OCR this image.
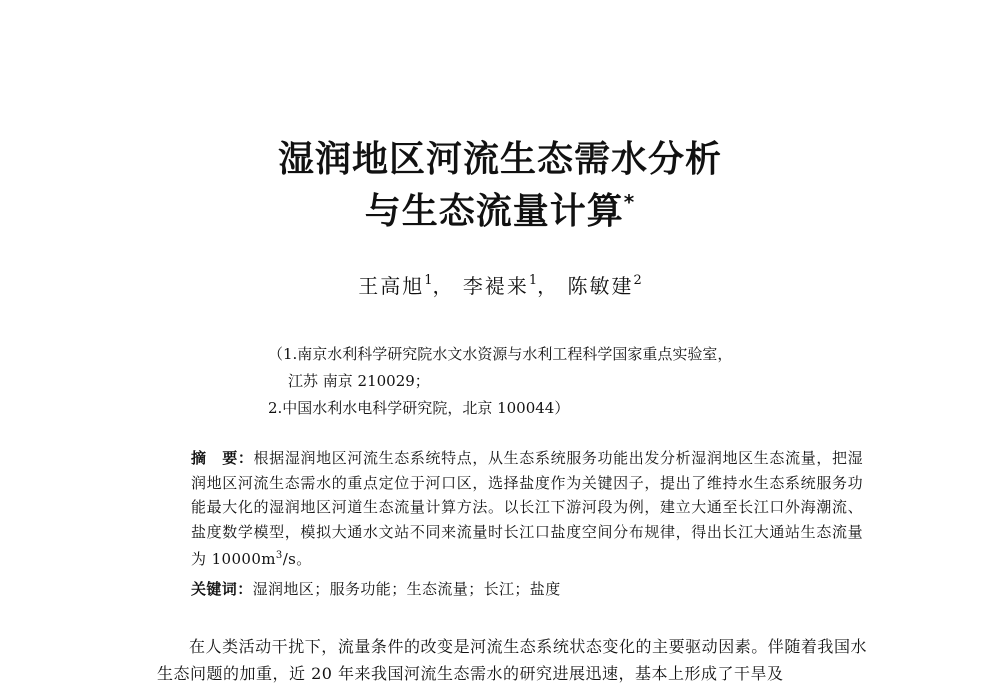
湿润地区河流生态需水分析
与生态流量计算*
王高旭$^1$， 李褆来$^1$， 陈敏建$^2$
（1.南京水利科学研究院水文水资源与水利工程科学国家重点实验室，
江苏 南京 210029；
2.中国水利水电科学研究院，北京 100044）
摘　要：根据湿润地区河流生态系统特点，从生态系统服务功能出发分析湿润地区生态流量，把湿润地区河流生态需水的重点定位于河口区，选择盐度作为关键因子，提出了维持水生态系统服务功能最大化的湿润地区河道生态流量计算方法。以长江下游河段为例，建立大通至长江口外海潮流、盐度数学模型，模拟大通水文站不同来流量时长江口盐度空间分布规律，得出长江大通站生态流量为 $10000m^3/s$。
关键词：湿润地区；服务功能；生态流量；长江；盐度
在人类活动干扰下，流量条件的改变是河流生态系统状态变化的主要驱动因素。伴随着我国水生态问题的加重，近 20 年来我国河流生态需水的研究进展迅速，基本上形成了干旱及
